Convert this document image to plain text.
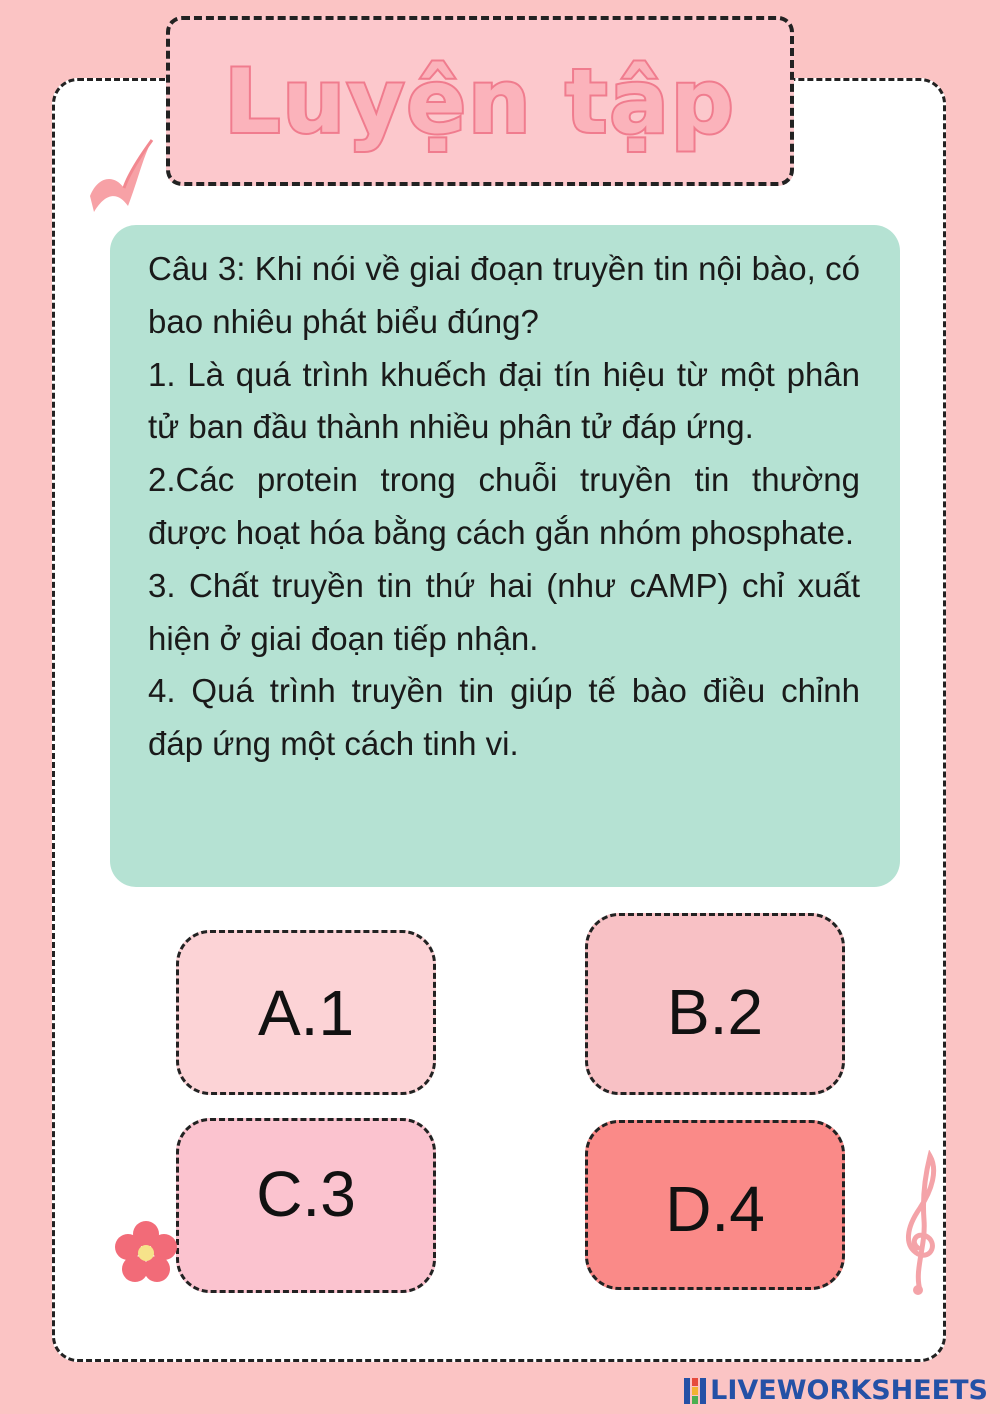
Luyện tập

Câu 3: Khi nói về giai đoạn truyền tin nội bào, có bao nhiêu phát biểu đúng?

1. Là quá trình khuếch đại tín hiệu từ một phân tử ban đầu thành nhiều phân tử đáp ứng.

2.Các protein trong chuỗi truyền tin thường được hoạt hóa bằng cách gắn nhóm phosphate.

3. Chất truyền tin thứ hai (như cAMP) chỉ xuất hiện ở giai đoạn tiếp nhận.

4. Quá trình truyền tin giúp tế bào điều chỉnh đáp ứng một cách tinh vi.

A.1	B.2
C.3	D.4
LIVEWORKSHEETS
